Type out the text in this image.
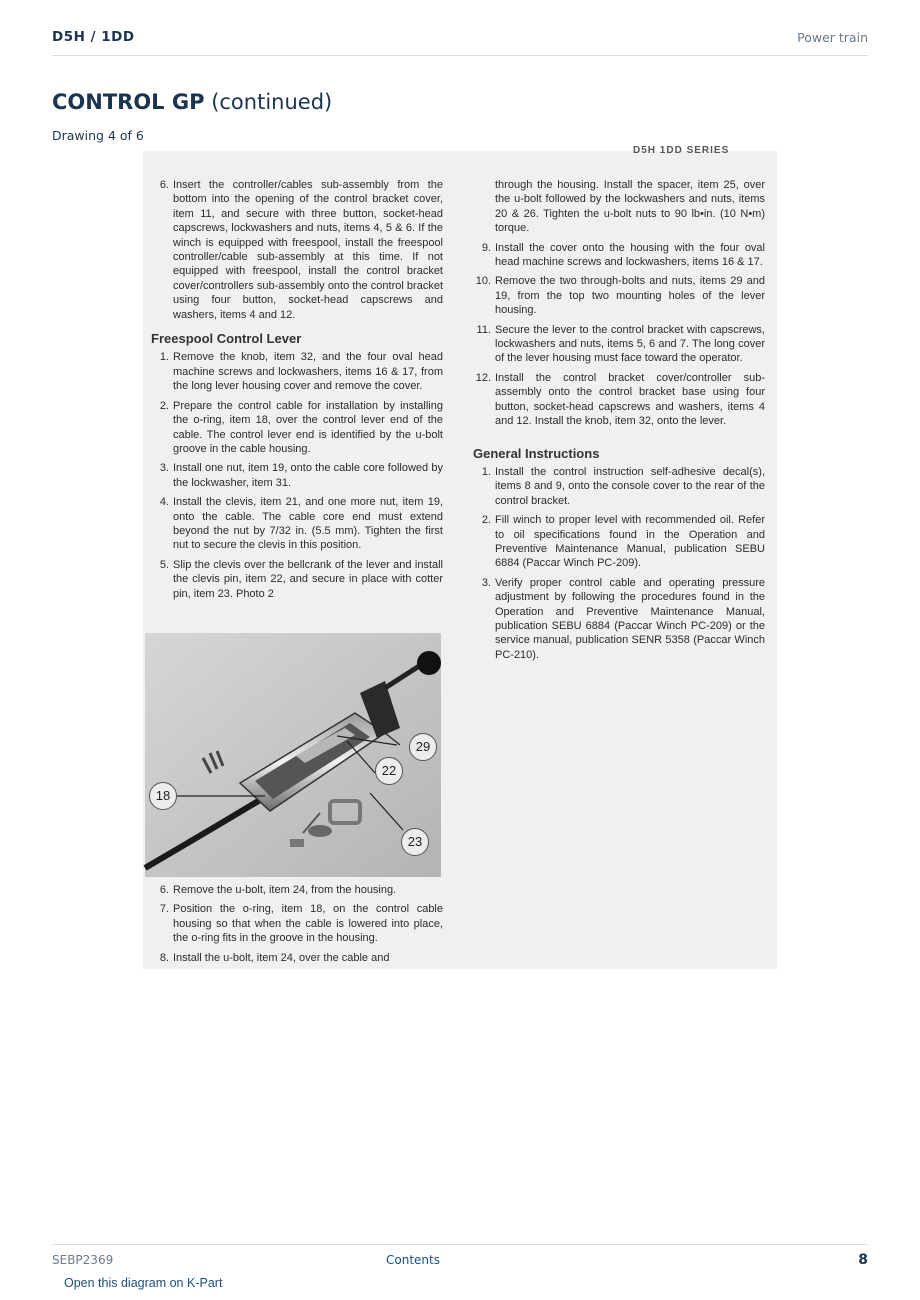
D5H / 1DD	Power train
CONTROL GP (continued)
Drawing 4 of 6
D5H 1DD SERIES
6. Insert the controller/cables sub-assembly from the bottom into the opening of the control bracket cover, item 11, and secure with three button, socket-head capscrews, lockwashers and nuts, items 4, 5 & 6. If the winch is equipped with freespool, install the freespool controller/cable sub-assembly at this time. If not equipped with freespool, install the control bracket cover/controllers sub-assembly onto the control bracket using four button, socket-head capscrews and washers, items 4 and 12.
Freespool Control Lever
1. Remove the knob, item 32, and the four oval head machine screws and lockwashers, items 16 & 17, from the long lever housing cover and remove the cover.
2. Prepare the control cable for installation by installing the o-ring, item 18, over the control lever end of the cable. The control lever end is identified by the u-bolt groove in the cable housing.
3. Install one nut, item 19, onto the cable core followed by the lockwasher, item 31.
4. Install the clevis, item 21, and one more nut, item 19, onto the cable. The cable core end must extend beyond the nut by 7/32 in. (5.5 mm). Tighten the first nut to secure the clevis in this position.
5. Slip the clevis over the bellcrank of the lever and install the clevis pin, item 22, and secure in place with cotter pin, item 23. Photo 2
29
22
18
23
6. Remove the u-bolt, item 24, from the housing.
7. Position the o-ring, item 18, on the control cable housing so that when the cable is lowered into place, the o-ring fits in the groove in the housing.
8. Install the u-bolt, item 24, over the cable and
through the housing. Install the spacer, item 25, over the u-bolt followed by the lockwashers and nuts, items 20 & 26. Tighten the u-bolt nuts to 90 lb•in. (10 N•m) torque.
9. Install the cover onto the housing with the four oval head machine screws and lockwashers, items 16 & 17.
10. Remove the two through-bolts and nuts, items 29 and 19, from the top two mounting holes of the lever housing.
11. Secure the lever to the control bracket with capscrews, lockwashers and nuts, items 5, 6 and 7. The long cover of the lever housing must face toward the operator.
12. Install the control bracket cover/controller sub-assembly onto the control bracket base using four button, socket-head capscrews and washers, items 4 and 12. Install the knob, item 32, onto the lever.
General Instructions
1. Install the control instruction self-adhesive decal(s), items 8 and 9, onto the console cover to the rear of the control bracket.
2. Fill winch to proper level with recommended oil. Refer to oil specifications found in the Operation and Preventive Maintenance Manual, publication SEBU 6884 (Paccar Winch PC-209).
3. Verify proper control cable and operating pressure adjustment by following the procedures found in the Operation and Preventive Maintenance Manual, publication SEBU 6884 (Paccar Winch PC-209) or the service manual, publication SENR 5358 (Paccar Winch PC-210).
SEBP2369	Contents	8
Open this diagram on K-Part
